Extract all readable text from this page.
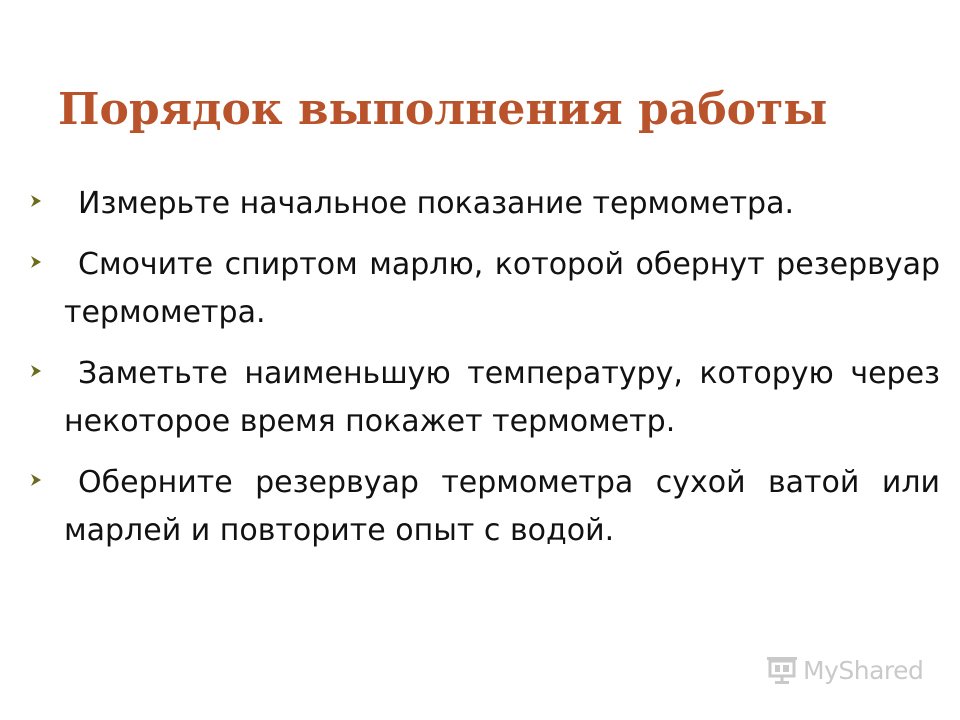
Порядок выполнения работы
Измерьте начальное показание термометра.
Смочите спиртом марлю, которой обернут резервуар термометра.
Заметьте наименьшую температуру, которую через некоторое время покажет термометр.
Оберните резервуар термометра сухой ватой или марлей и повторите опыт с водой.
MyShared
